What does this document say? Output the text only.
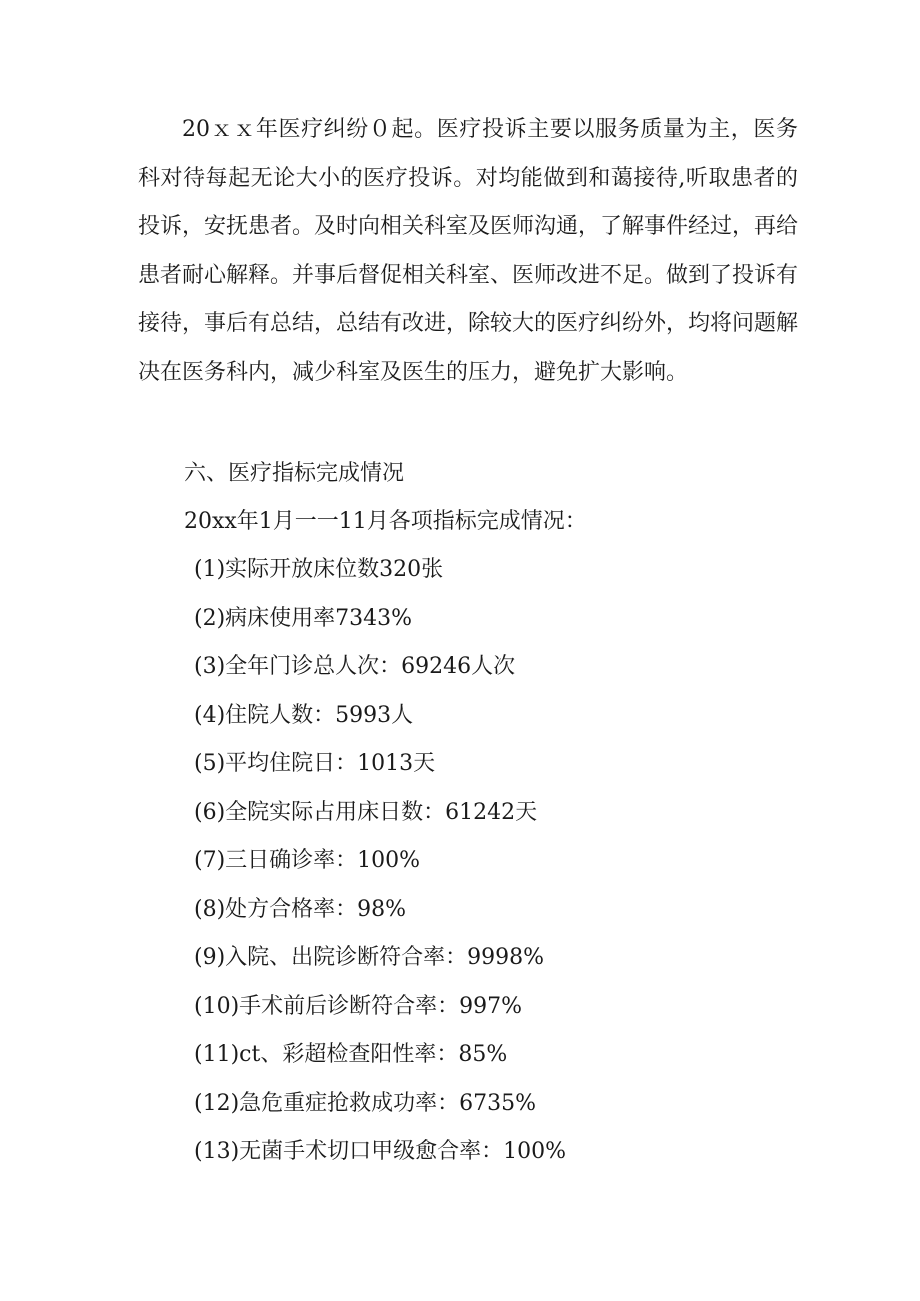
20ｘｘ年医疗纠纷０起。医疗投诉主要以服务质量为主，医务科对待每起无论大小的医疗投诉。对均能做到和蔼接待,听取患者的投诉，安抚患者。及时向相关科室及医师沟通，了解事件经过，再给患者耐心解释。并事后督促相关科室、医师改进不足。做到了投诉有接待，事后有总结，总结有改进，除较大的医疗纠纷外，均将问题解决在医务科内，减少科室及医生的压力，避免扩大影响。

六、医疗指标完成情况

20xx年1月一一11月各项指标完成情况：

(1)实际开放床位数320张
(2)病床使用率7343%
(3)全年门诊总人次：69246人次
(4)住院人数：5993人
(5)平均住院日：1013天
(6)全院实际占用床日数：61242天
(7)三日确诊率：100%
(8)处方合格率：98%
(9)入院、出院诊断符合率：9998%
(10)手术前后诊断符合率：997%
(11)ct、彩超检查阳性率：85%
(12)急危重症抢救成功率：6735%
(13)无菌手术切口甲级愈合率：100%
